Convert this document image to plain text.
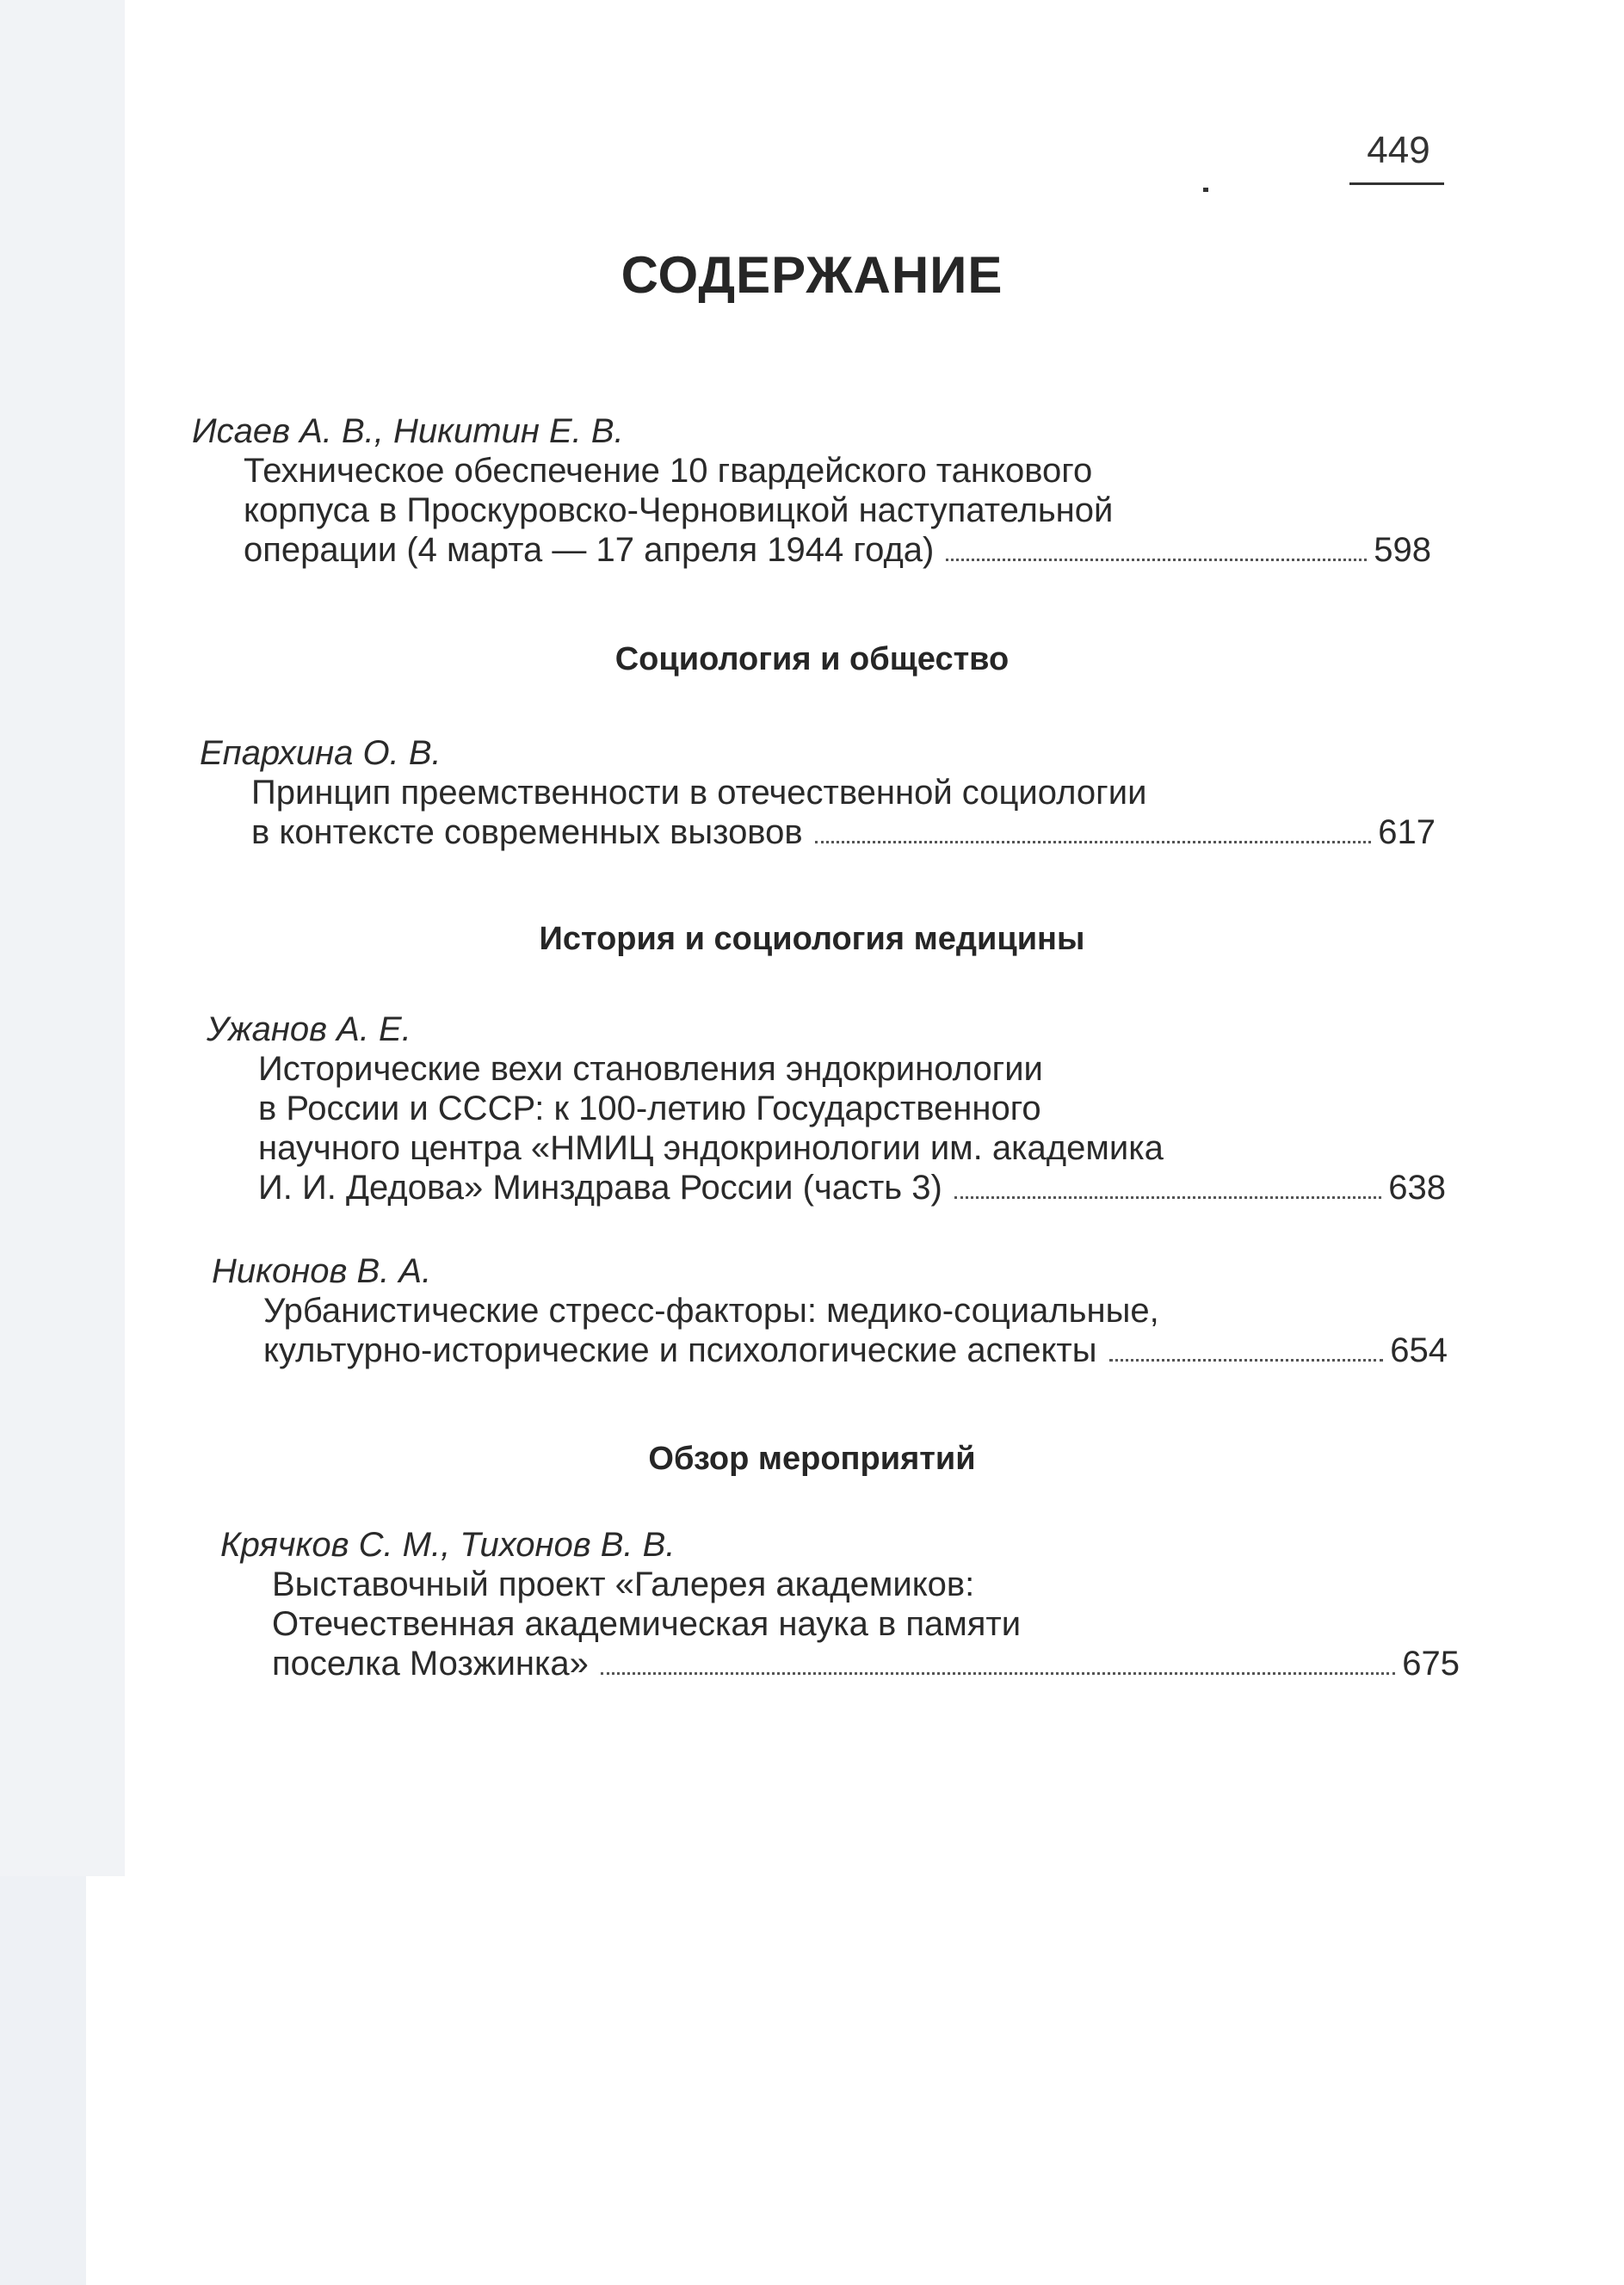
449
СОДЕРЖАНИЕ
Исаев А. В., Никитин Е. В.
Техническое обеспечение 10 гвардейского танкового
корпуса в Проскуровско-Черновицкой наступательной
операции (4 марта — 17 апреля 1944 года)	598
Социология и общество
Епархина О. В.
Принцип преемственности в отечественной социологии
в контексте современных вызовов	617
История и социология медицины
Ужанов А. Е.
Исторические вехи становления эндокринологии
в России и СССР: к 100-летию Государственного
научного центра «НМИЦ эндокринологии им. академика
И. И. Дедова» Минздрава России (часть 3)	638
Никонов В. А.
Урбанистические стресс-факторы: медико-социальные,
культурно-исторические и психологические аспекты	654
Обзор мероприятий
Крячков С. М., Тихонов В. В.
Выставочный проект «Галерея академиков:
Отечественная академическая наука в памяти
поселка Мозжинка»	675
